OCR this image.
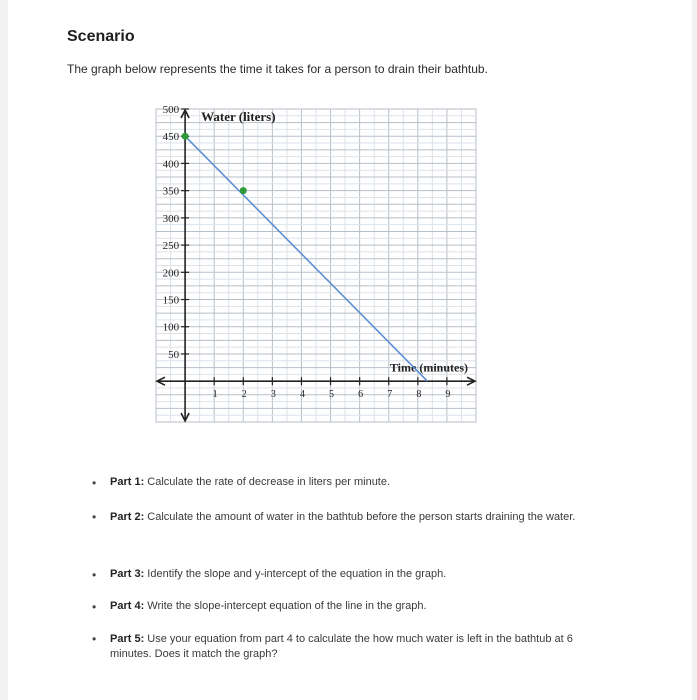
Scenario
The graph below represents the time it takes for a person to drain their bathtub.
50
100
150
200
250
300
350
400
450
500
1 2 3 4 5 6 7 8 9
Water (liters)
Time (minutes)
• Part 1: Calculate the rate of decrease in liters per minute.
• Part 2: Calculate the amount of water in the bathtub before the person starts draining the water.
• Part 3: Identify the slope and y-intercept of the equation in the graph.
• Part 4: Write the slope-intercept equation of the line in the graph.
• Part 5: Use your equation from part 4 to calculate the how much water is left in the bathtub at 6 minutes. Does it match the graph?
